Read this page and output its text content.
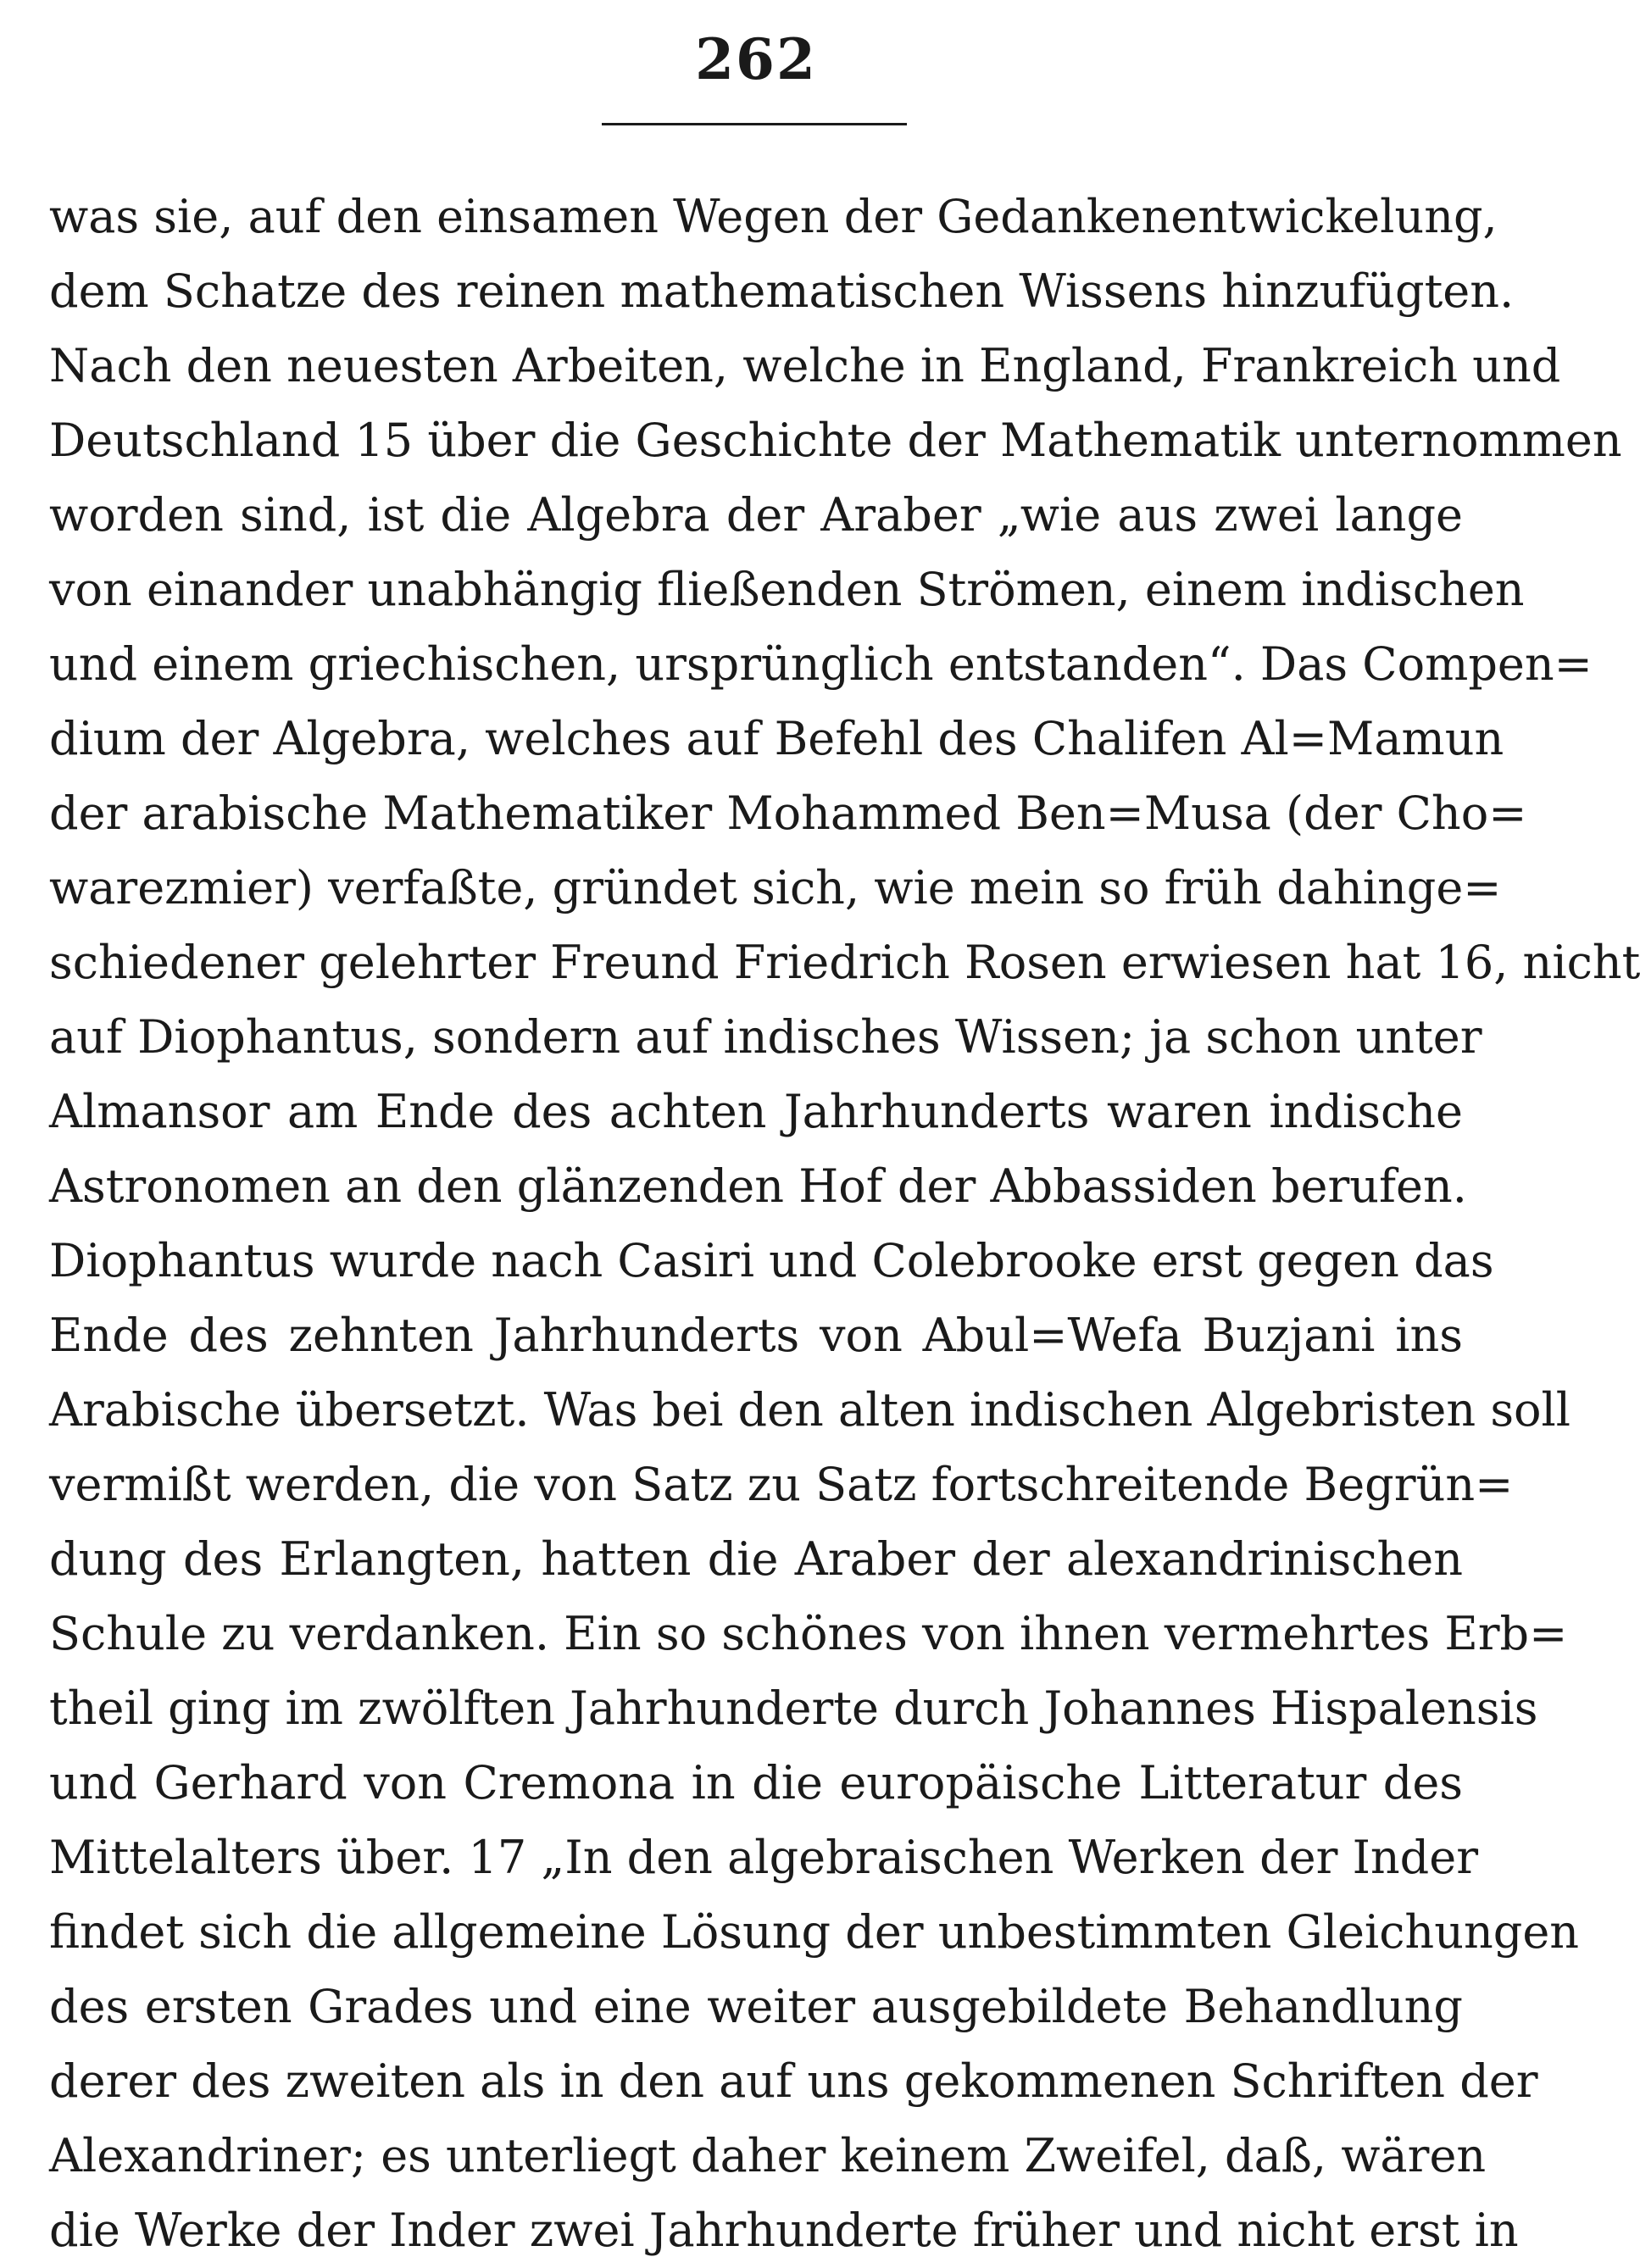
262
was sie, auf den einsamen Wegen der Gedankenentwickelung,
dem Schatze des reinen mathematischen Wissens hinzufügten.
Nach den neuesten Arbeiten, welche in England, Frankreich und
Deutschland 15 über die Geschichte der Mathematik unternommen
worden sind, ist die Algebra der Araber „wie aus zwei lange
von einander unabhängig fließenden Strömen, einem indischen
und einem griechischen, ursprünglich entstanden“. Das Compen=
dium der Algebra, welches auf Befehl des Chalifen Al=Mamun
der arabische Mathematiker Mohammed Ben=Musa (der Cho=
warezmier) verfaßte, gründet sich, wie mein so früh dahinge=
schiedener gelehrter Freund Friedrich Rosen erwiesen hat 16, nicht
auf Diophantus, sondern auf indisches Wissen; ja schon unter
Almansor am Ende des achten Jahrhunderts waren indische
Astronomen an den glänzenden Hof der Abbassiden berufen.
Diophantus wurde nach Casiri und Colebrooke erst gegen das
Ende des zehnten Jahrhunderts von Abul=Wefa Buzjani ins
Arabische übersetzt. Was bei den alten indischen Algebristen soll
vermißt werden, die von Satz zu Satz fortschreitende Begrün=
dung des Erlangten, hatten die Araber der alexandrinischen
Schule zu verdanken. Ein so schönes von ihnen vermehrtes Erb=
theil ging im zwölften Jahrhunderte durch Johannes Hispalensis
und Gerhard von Cremona in die europäische Litteratur des
Mittelalters über. 17 „In den algebraischen Werken der Inder
findet sich die allgemeine Lösung der unbestimmten Gleichungen
des ersten Grades und eine weiter ausgebildete Behandlung
derer des zweiten als in den auf uns gekommenen Schriften der
Alexandriner; es unterliegt daher keinem Zweifel, daß, wären
die Werke der Inder zwei Jahrhunderte früher und nicht erst in
